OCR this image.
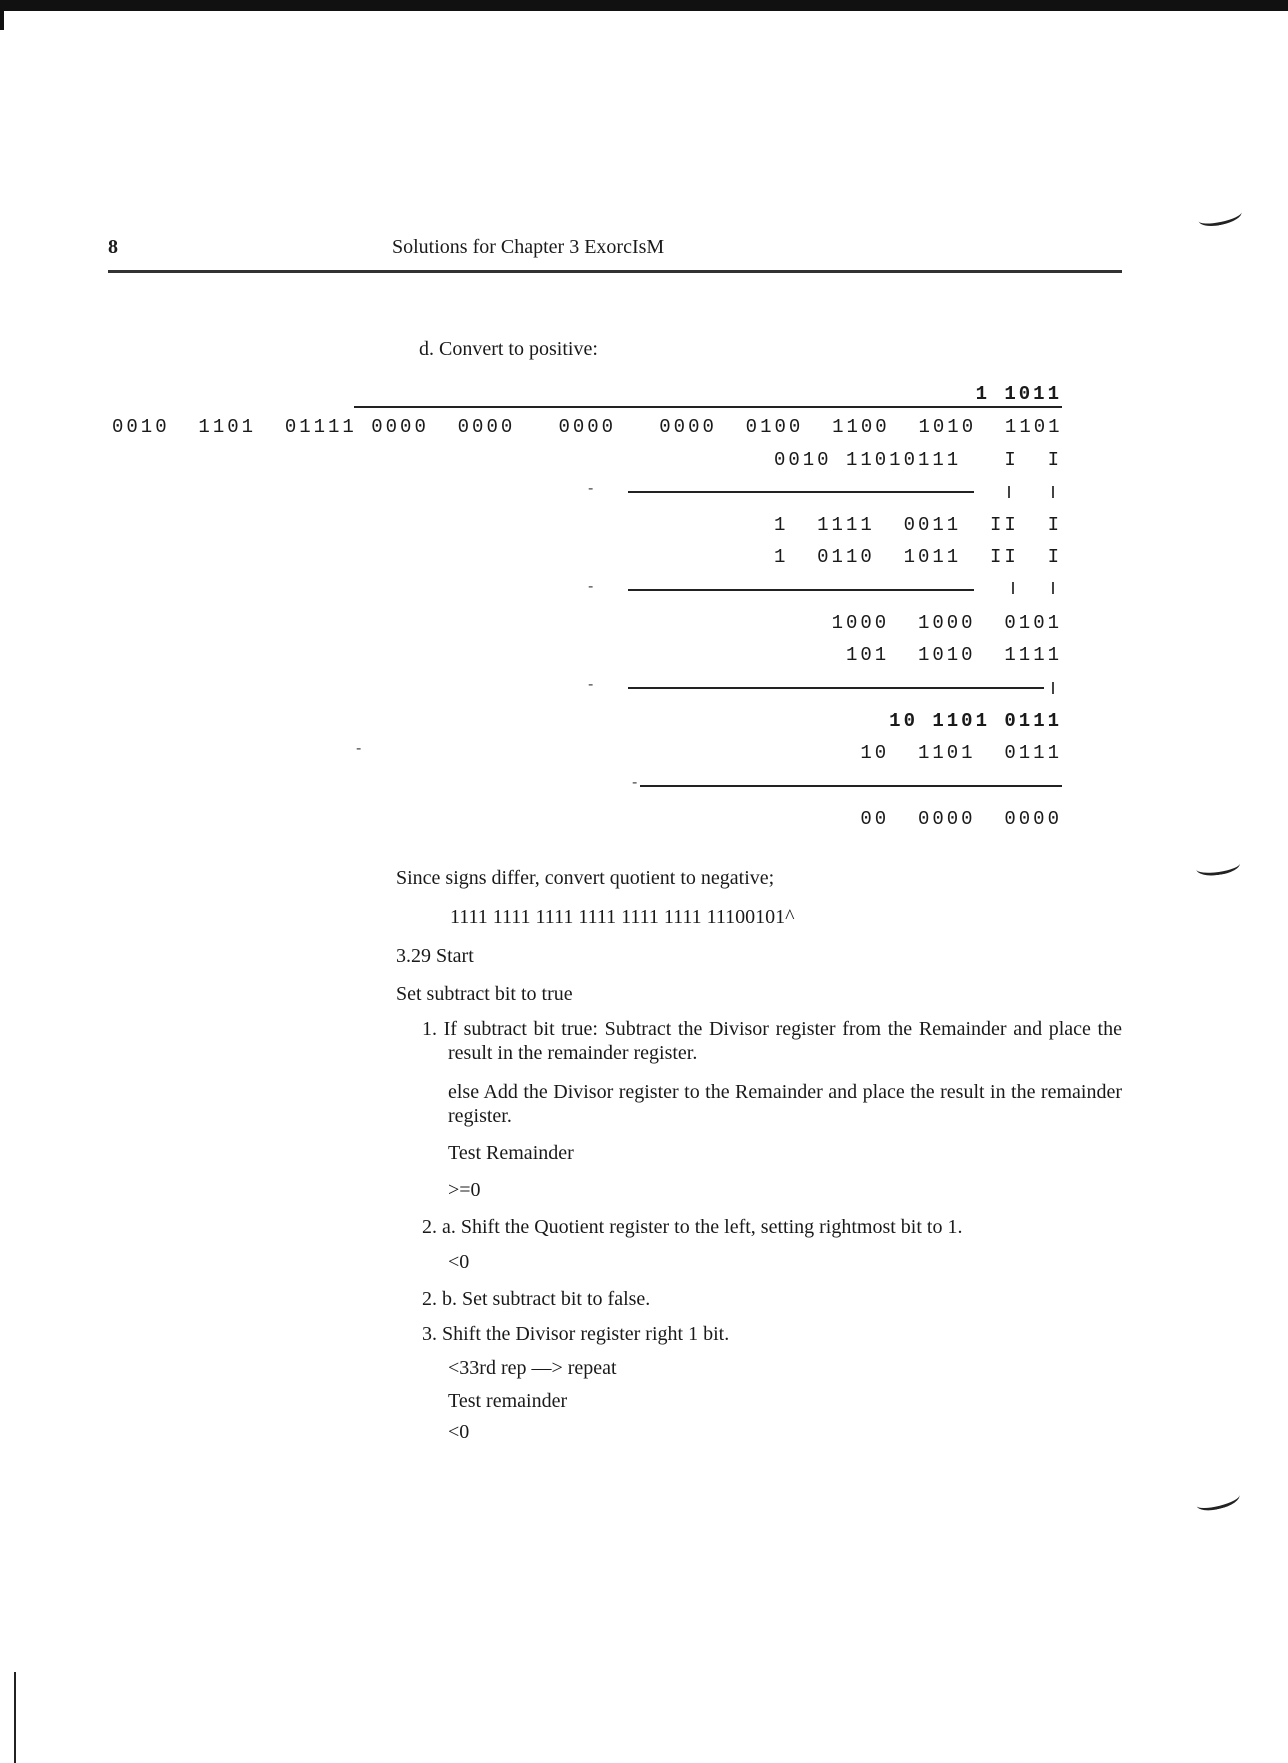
8	Solutions for Chapter 3 ExorcIsM
d. Convert to positive:
1 1011
0010  1101  01111 0000  0000   0000   0000  0100  1100  1010  1101
0010 11010111   I  I
-
1  1111  0011  II  I
1  0110  1011  II  I
-
1000  1000  0101
101  1010  1111
-
10 1101 0111
-	10  1101  0111
-
00  0000  0000
Since signs differ, convert quotient to negative;
1111 1111 1111 1111 1111 1111 11100101^
3.29 Start
Set subtract bit to true
1. If subtract bit true: Subtract the Divisor register from the Remainder and place the result in the remainder register.
else Add the Divisor register to the Remainder and place the result in the remainder register.
Test Remainder
>=0
2. a. Shift the Quotient register to the left, setting rightmost bit to 1.
<0
2. b. Set subtract bit to false.
3. Shift the Divisor register right 1 bit.
<33rd rep —> repeat
Test remainder
<0
